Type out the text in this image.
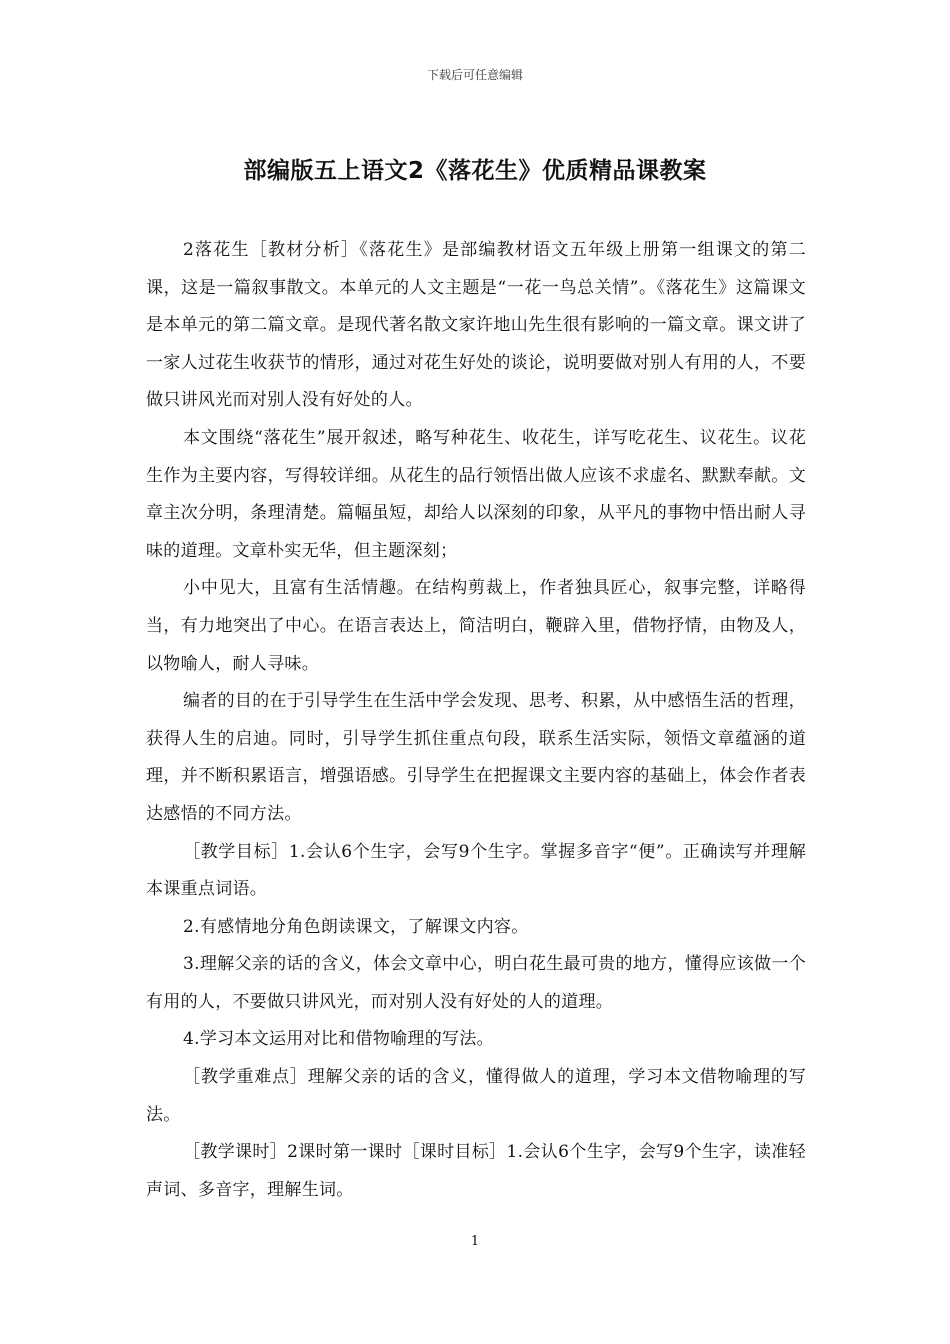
下载后可任意编辑
部编版五上语文2《落花生》优质精品课教案

2落花生［教材分析］《落花生》是部编教材语文五年级上册第一组课文的第二课，这是一篇叙事散文。本单元的人文主题是“一花一鸟总关情”。《落花生》这篇课文是本单元的第二篇文章。是现代著名散文家许地山先生很有影响的一篇文章。课文讲了一家人过花生收获节的情形，通过对花生好处的谈论，说明要做对别人有用的人，不要做只讲风光而对别人没有好处的人。

本文围绕“落花生”展开叙述，略写种花生、收花生，详写吃花生、议花生。议花生作为主要内容，写得较详细。从花生的品行领悟出做人应该不求虚名、默默奉献。文章主次分明，条理清楚。篇幅虽短，却给人以深刻的印象，从平凡的事物中悟出耐人寻味的道理。文章朴实无华，但主题深刻；

小中见大，且富有生活情趣。在结构剪裁上，作者独具匠心，叙事完整，详略得当，有力地突出了中心。在语言表达上，简洁明白，鞭辟入里，借物抒情，由物及人，以物喻人，耐人寻味。

编者的目的在于引导学生在生活中学会发现、思考、积累，从中感悟生活的哲理，获得人生的启迪。同时，引导学生抓住重点句段，联系生活实际，领悟文章蕴涵的道理，并不断积累语言，增强语感。引导学生在把握课文主要内容的基础上，体会作者表达感悟的不同方法。

［教学目标］1.会认6个生字，会写9个生字。掌握多音字“便”。正确读写并理解本课重点词语。

2.有感情地分角色朗读课文，了解课文内容。

3.理解父亲的话的含义，体会文章中心，明白花生最可贵的地方，懂得应该做一个有用的人，不要做只讲风光，而对别人没有好处的人的道理。

4.学习本文运用对比和借物喻理的写法。

［教学重难点］理解父亲的话的含义，懂得做人的道理，学习本文借物喻理的写法。

［教学课时］2课时第一课时［课时目标］1.会认6个生字，会写9个生字，读准轻声词、多音字，理解生词。

1
